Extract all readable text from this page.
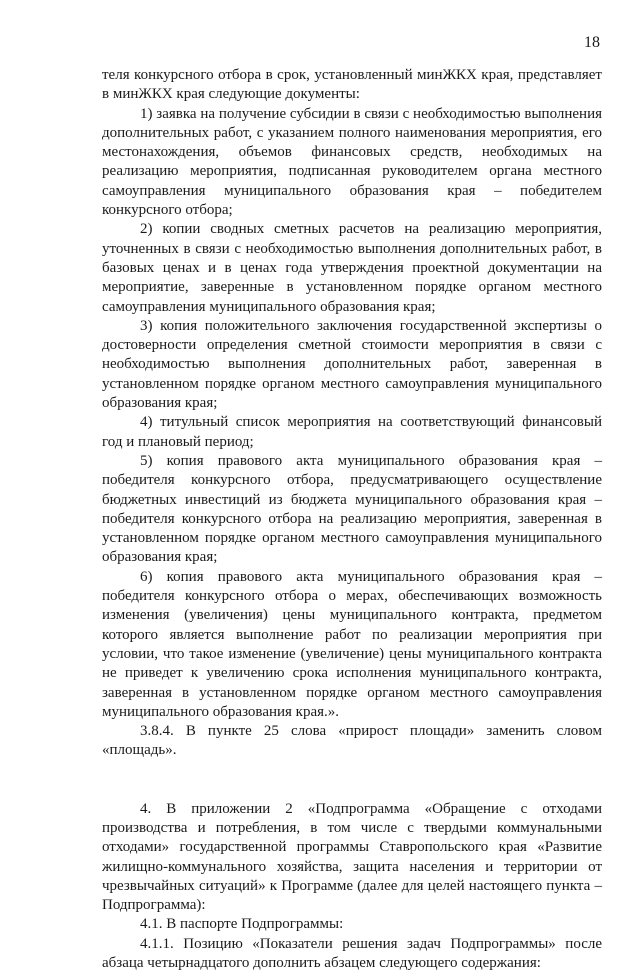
18

теля конкурсного отбора в срок, установленный минЖКХ края, представляет в минЖКХ края следующие документы:

1) заявка на получение субсидии в связи с необходимостью выполнения дополнительных работ, с указанием полного наименования мероприятия, его местонахождения, объемов финансовых средств, необходимых на реализацию мероприятия, подписанная руководителем органа местного самоуправления муниципального образования края – победителем конкурсного отбора;

2) копии сводных сметных расчетов на реализацию мероприятия, уточненных в связи с необходимостью выполнения дополнительных работ, в базовых ценах и в ценах года утверждения проектной документации на мероприятие, заверенные в установленном порядке органом местного самоуправления муниципального образования края;

3) копия положительного заключения государственной экспертизы о достоверности определения сметной стоимости мероприятия в связи с необходимостью выполнения дополнительных работ, заверенная в установленном порядке органом местного самоуправления муниципального образования края;

4) титульный список мероприятия на соответствующий финансовый год и плановый период;

5) копия правового акта муниципального образования края – победителя конкурсного отбора, предусматривающего осуществление бюджетных инвестиций из бюджета муниципального образования края – победителя конкурсного отбора на реализацию мероприятия, заверенная в установленном порядке органом местного самоуправления муниципального образования края;

6) копия правового акта муниципального образования края – победителя конкурсного отбора о мерах, обеспечивающих возможность изменения (увеличения) цены муниципального контракта, предметом которого является выполнение работ по реализации мероприятия при условии, что такое изменение (увеличение) цены муниципального контракта не приведет к увеличению срока исполнения муниципального контракта, заверенная в установленном порядке органом местного самоуправления муниципального образования края.».

3.8.4. В пункте 25 слова «прирост площади» заменить словом «площадь».

4. В приложении 2 «Подпрограмма «Обращение с отходами производства и потребления, в том числе с твердыми коммунальными отходами» государственной программы Ставропольского края «Развитие жилищно-коммунального хозяйства, защита населения и территории от чрезвычайных ситуаций» к Программе (далее для целей настоящего пункта – Подпрограмма):

4.1. В паспорте Подпрограммы:

4.1.1. Позицию «Показатели решения задач Подпрограммы» после абзаца четырнадцатого дополнить абзацем следующего содержания:
